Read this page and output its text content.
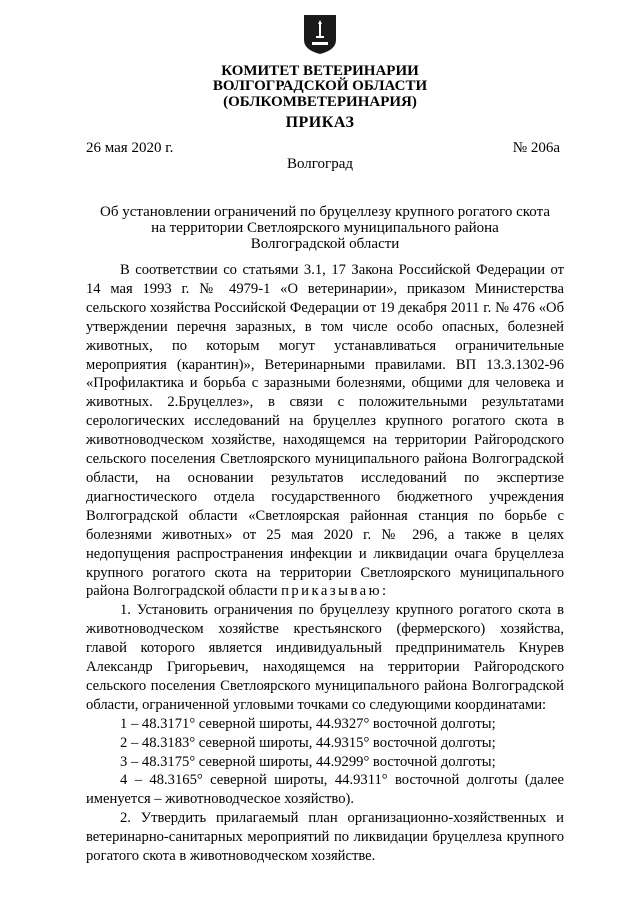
КОМИТЕТ ВЕТЕРИНАРИИ
ВОЛГОГРАДСКОЙ ОБЛАСТИ
(ОБЛКОМВЕТЕРИНАРИЯ)
ПРИКАЗ
26 мая 2020 г.	№ 206а
Волгоград
Об установлении ограничений по бруцеллезу крупного рогатого скота
на территории Светлоярского муниципального района
Волгоградской области

В соответствии со статьями 3.1, 17 Закона Российской Федерации от 14 мая 1993 г. № 4979-1 «О ветеринарии», приказом Министерства сельского хозяйства Российской Федерации от 19 декабря 2011 г. № 476 «Об утверждении перечня заразных, в том числе особо опасных, болезней животных, по которым могут устанавливаться ограничительные мероприятия (карантин)», Ветеринарными правилами. ВП 13.3.1302-96 «Профилактика и борьба с заразными болезнями, общими для человека и животных. 2.Бруцеллез», в связи с положительными результатами серологических исследований на бруцеллез крупного рогатого скота в животноводческом хозяйстве, находящемся на территории Райгородского сельского поселения Светлоярского муниципального района Волгоградской области, на основании результатов исследований по экспертизе диагностического отдела государственного бюджетного учреждения Волгоградской области «Светлоярская районная станция по борьбе с болезнями животных» от 25 мая 2020 г. № 296, а также в целях недопущения распространения инфекции и ликвидации очага бруцеллеза крупного рогатого скота на территории Светлоярского муниципального района Волгоградской области приказываю:

1. Установить ограничения по бруцеллезу крупного рогатого скота в животноводческом хозяйстве крестьянского (фермерского) хозяйства, главой которого является индивидуальный предприниматель Кнурев Александр Григорьевич, находящемся на территории Райгородского сельского поселения Светлоярского муниципального района Волгоградской области, ограниченной угловыми точками со следующими координатами:

1 – 48.3171° северной широты, 44.9327° восточной долготы;

2 – 48.3183° северной широты, 44.9315° восточной долготы;

3 – 48.3175° северной широты, 44.9299° восточной долготы;

4 – 48.3165° северной широты, 44.9311° восточной долготы (далее именуется – животноводческое хозяйство).

2. Утвердить прилагаемый план организационно-хозяйственных и ветеринарно-санитарных мероприятий по ликвидации бруцеллеза крупного рогатого скота в животноводческом хозяйстве.
